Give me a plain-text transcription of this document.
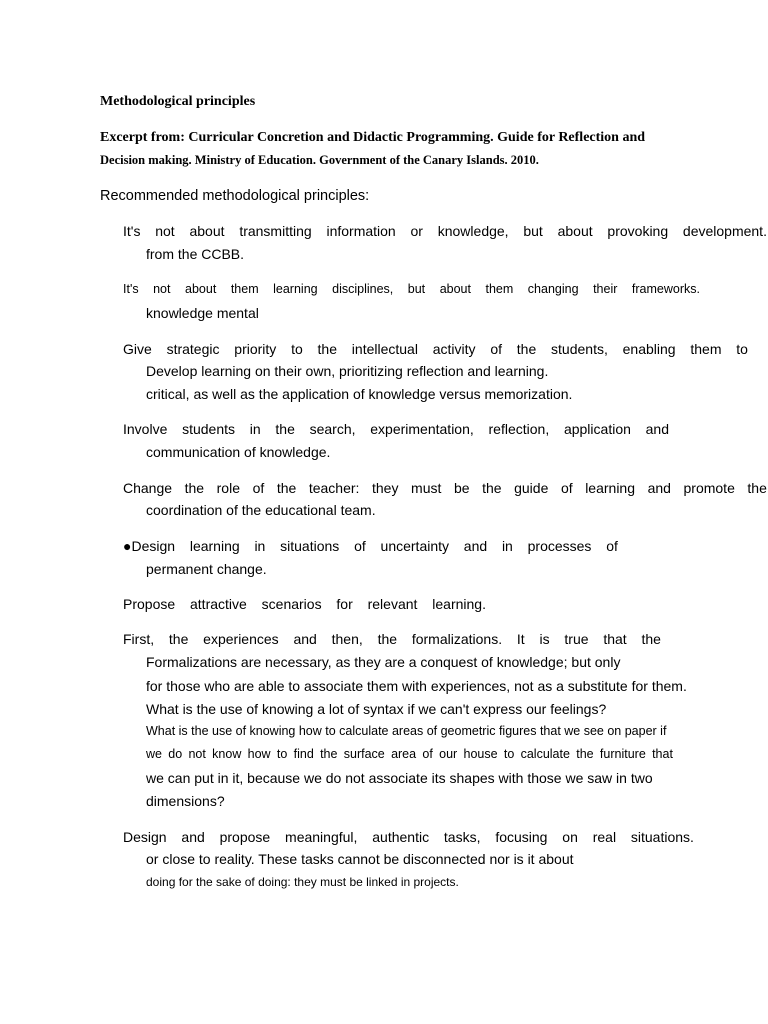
Methodological principles
Excerpt from: Curricular Concretion and Didactic Programming. Guide for Reflection and
Decision making. Ministry of Education. Government of the Canary Islands. 2010.
Recommended methodological principles:
It's not about transmitting information or knowledge, but about provoking development.
from the CCBB.
It's not about them learning disciplines, but about them changing their frameworks.
knowledge mental
Give strategic priority to the intellectual activity of the students, enabling them to
Develop learning on their own, prioritizing reflection and learning.
critical, as well as the application of knowledge versus memorization.
Involve students in the search, experimentation, reflection, application and
communication of knowledge.
Change the role of the teacher: they must be the guide of learning and promote the
coordination of the educational team.
●Design learning in situations of uncertainty and in processes of
permanent change.
Propose attractive scenarios for relevant learning.
First, the experiences and then, the formalizations. It is true that the
Formalizations are necessary, as they are a conquest of knowledge; but only
for those who are able to associate them with experiences, not as a substitute for them.
What is the use of knowing a lot of syntax if we can't express our feelings?
What is the use of knowing how to calculate areas of geometric figures that we see on paper if
we do not know how to find the surface area of our house to calculate the furniture that
we can put in it, because we do not associate its shapes with those we saw in two
dimensions?
Design and propose meaningful, authentic tasks, focusing on real situations.
or close to reality. These tasks cannot be disconnected nor is it about
doing for the sake of doing: they must be linked in projects.
